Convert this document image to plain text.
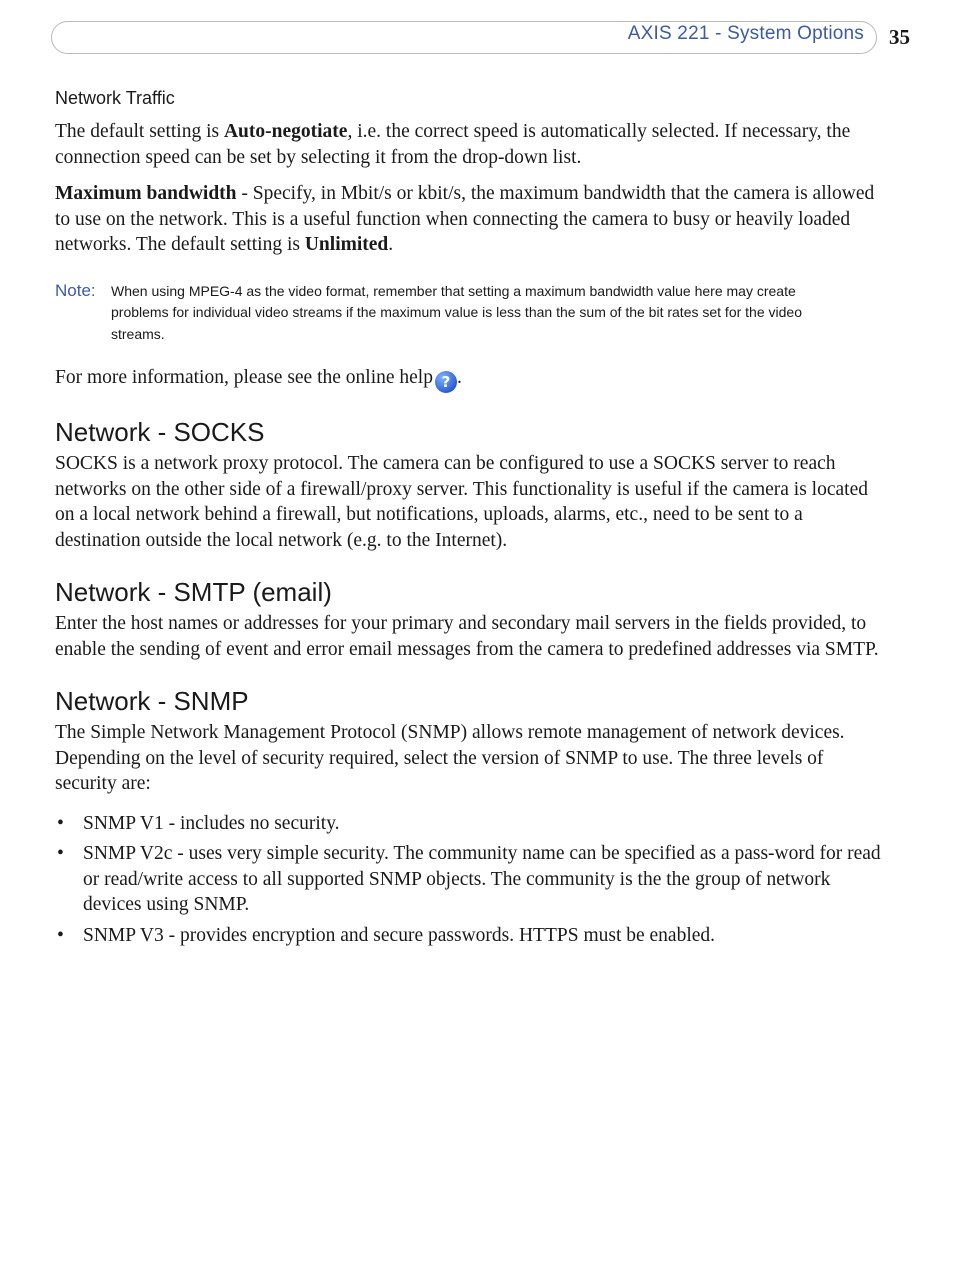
AXIS 221 - System Options 35
Network Traffic

The default setting is Auto-negotiate, i.e. the correct speed is automatically selected. If necessary, the connection speed can be set by selecting it from the drop-down list.

Maximum bandwidth - Specify, in Mbit/s or kbit/s, the maximum bandwidth that the camera is allowed to use on the network. This is a useful function when connecting the camera to busy or heavily loaded networks. The default setting is Unlimited.

Note:	When using MPEG-4 as the video format, remember that setting a maximum bandwidth value here may create problems for individual video streams if the maximum value is less than the sum of the bit rates set for the video streams.

For more information, please see the online help ? .

Network - SOCKS

SOCKS is a network proxy protocol. The camera can be configured to use a SOCKS server to reach networks on the other side of a firewall/proxy server. This functionality is useful if the camera is located on a local network behind a firewall, but notifications, uploads, alarms, etc., need to be sent to a destination outside the local network (e.g. to the Internet).

Network - SMTP (email)

Enter the host names or addresses for your primary and secondary mail servers in the fields provided, to enable the sending of event and error email messages from the camera to predefined addresses via SMTP.

Network - SNMP

The Simple Network Management Protocol (SNMP) allows remote management of network devices. Depending on the level of security required, select the version of SNMP to use. The three levels of security are:

• SNMP V1 - includes no security.
• SNMP V2c - uses very simple security. The community name can be specified as a pass-word for read or read/write access to all supported SNMP objects. The community is the the group of network devices using SNMP.
• SNMP V3 - provides encryption and secure passwords. HTTPS must be enabled.
